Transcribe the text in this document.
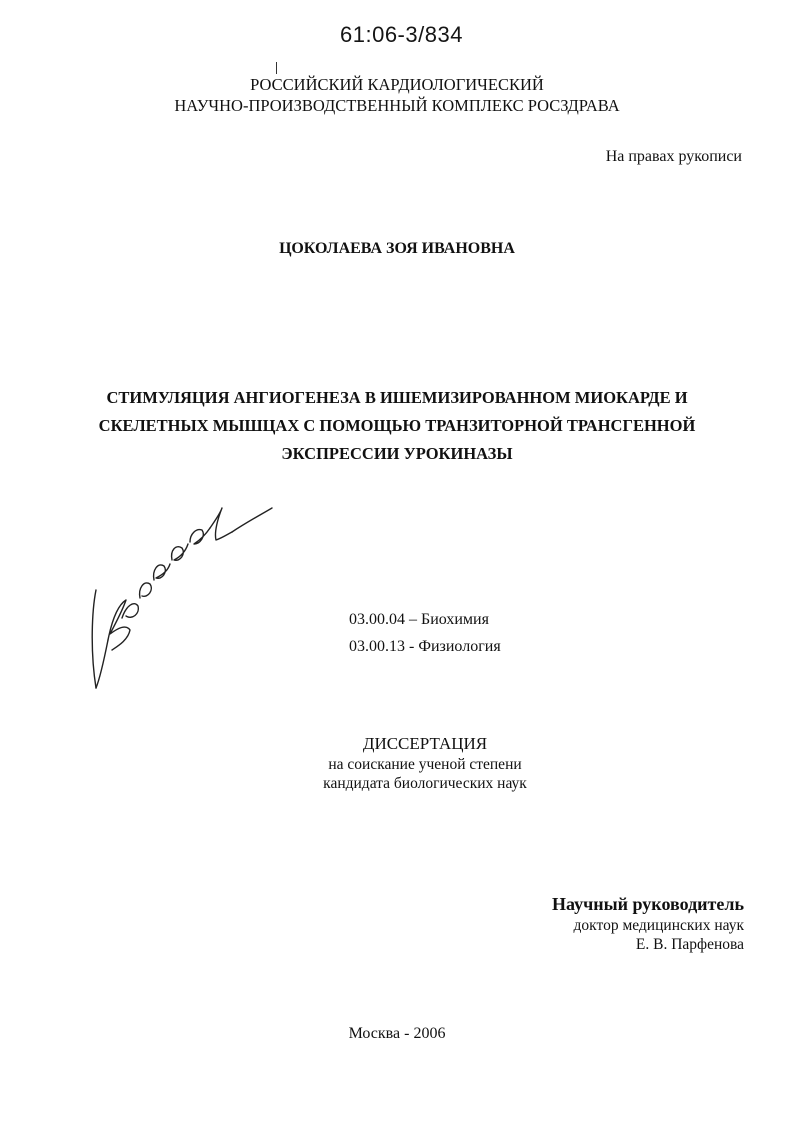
61:06-3/834
РОССИЙСКИЙ КАРДИОЛОГИЧЕСКИЙ
НАУЧНО-ПРОИЗВОДСТВЕННЫЙ КОМПЛЕКС РОСЗДРАВА
На правах рукописи
ЦОКОЛАЕВА ЗОЯ ИВАНОВНА
СТИМУЛЯЦИЯ АНГИОГЕНЕЗА В ИШЕМИЗИРОВАННОМ МИОКАРДЕ И
СКЕЛЕТНЫХ МЫШЦАХ С ПОМОЩЬЮ ТРАНЗИТОРНОЙ ТРАНСГЕННОЙ
ЭКСПРЕССИИ УРОКИНАЗЫ
03.00.04 – Биохимия
03.00.13 - Физиология
ДИССЕРТАЦИЯ
на соискание ученой степени
кандидата биологических наук
Научный руководитель
доктор медицинских наук
Е. В. Парфенова
Москва - 2006
